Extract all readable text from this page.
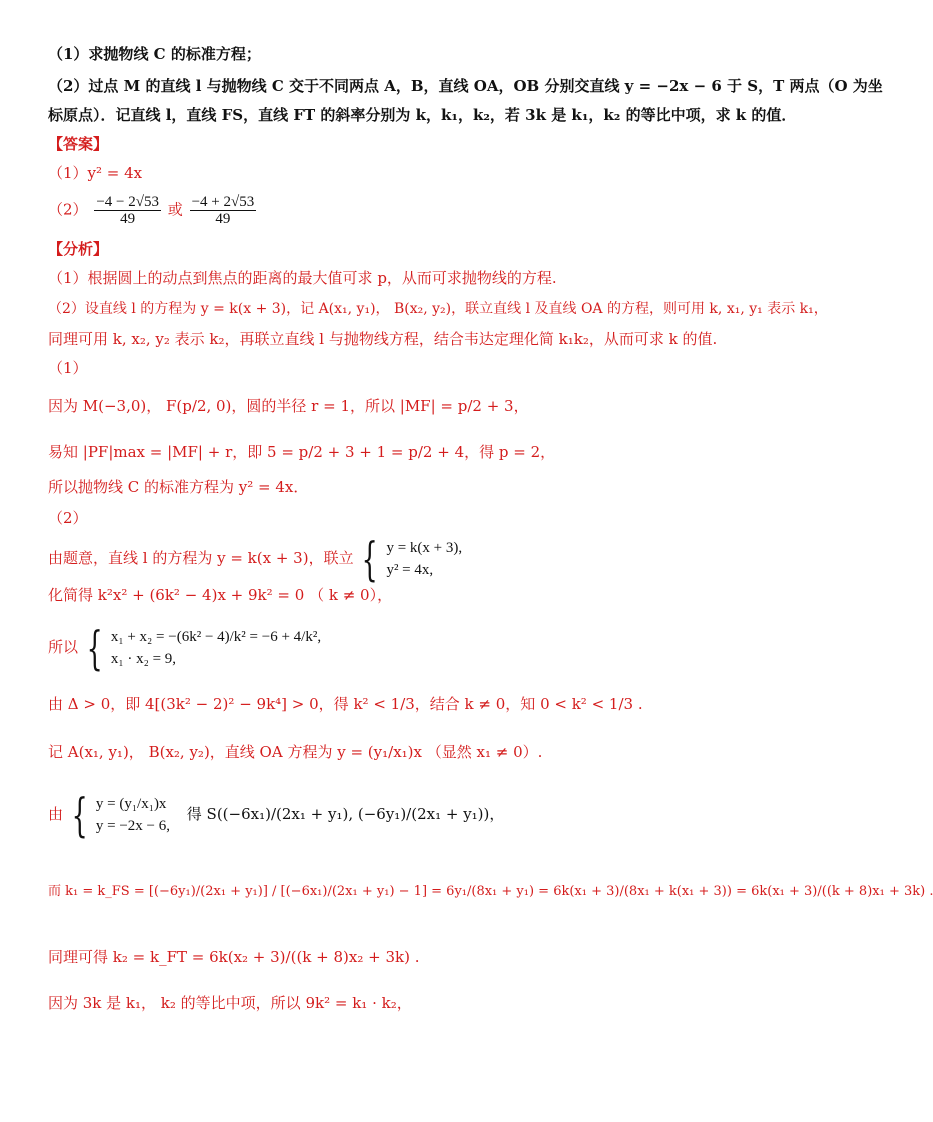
（1）求抛物线 C 的标准方程；
（2）过点 M 的直线 l 与抛物线 C 交于不同两点 A，B，直线 OA，OB 分别交直线 y = −2x − 6 于 S，T 两点（O 为坐
标原点）．记直线 l，直线 FS，直线 FT 的斜率分别为 k，k₁，k₂，若 3k 是 k₁，k₂ 的等比中项，求 k 的值．
【答案】
（1）y² = 4x
$(2) \frac{-4 - 2√53}{49}$ 或 $\frac{-4 + 2√53}{49}$
【分析】
（1）根据圆上的动点到焦点的距离的最大值可求 p，从而可求抛物线的方程.
（2）设直线 l 的方程为 y = k(x + 3)，记 A(x₁, y₁)， B(x₂, y₂)，联立直线 l 及直线 OA 的方程，则可用 k, x₁, y₁ 表示 k₁，
同理可用 k, x₂, y₂ 表示 k₂，再联立直线 l 与抛物线方程，结合韦达定理化简 k₁k₂，从而可求 k 的值.
（1）
因为 M(−3,0)， F(p/2, 0)，圆的半径 r = 1，所以 |MF| = p/2 + 3，
易知 |PF|max = |MF| + r，即 5 = p/2 + 3 + 1 = p/2 + 4，得 p = 2，
所以抛物线 C 的标准方程为 y² = 4x．
（2）
由题意，直线 l 的方程为 y = k(x + 3)，联立 { y = k(x + 3),
y² = 4x,
化简得 k²x² + (6k² − 4)x + 9k² = 0 （ k ≠ 0），
所以 { x₁ + x₂ = −(6k² − 4)/k² = −6 + 4/k²,
x₁ · x₂ = 9,
由 Δ > 0，即 4[(3k² − 2)² − 9k⁴] > 0，得 k² < 1/3，结合 k ≠ 0，知 0 < k² < 1/3 .
记 A(x₁, y₁)， B(x₂, y₂)，直线 OA 方程为 y = (y₁/x₁)x （显然 x₁ ≠ 0）.
由 { y = (y₁/x₁)x
y = −2x − 6,
得 S((−6x₁)/(2x₁ + y₁), (−6y₁)/(2x₁ + y₁))，
而 k₁ = k_FS = [(−6y₁)/(2x₁ + y₁)] / [(−6x₁)/(2x₁ + y₁) − 1] = 6y₁/(8x₁ + y₁) = 6k(x₁ + 3)/(8x₁ + k(x₁ + 3)) = 6k(x₁ + 3)/((k + 8)x₁ + 3k) .
同理可得 k₂ = k_FT = 6k(x₂ + 3)/((k + 8)x₂ + 3k) .
因为 3k 是 k₁， k₂ 的等比中项，所以 9k² = k₁ · k₂，
